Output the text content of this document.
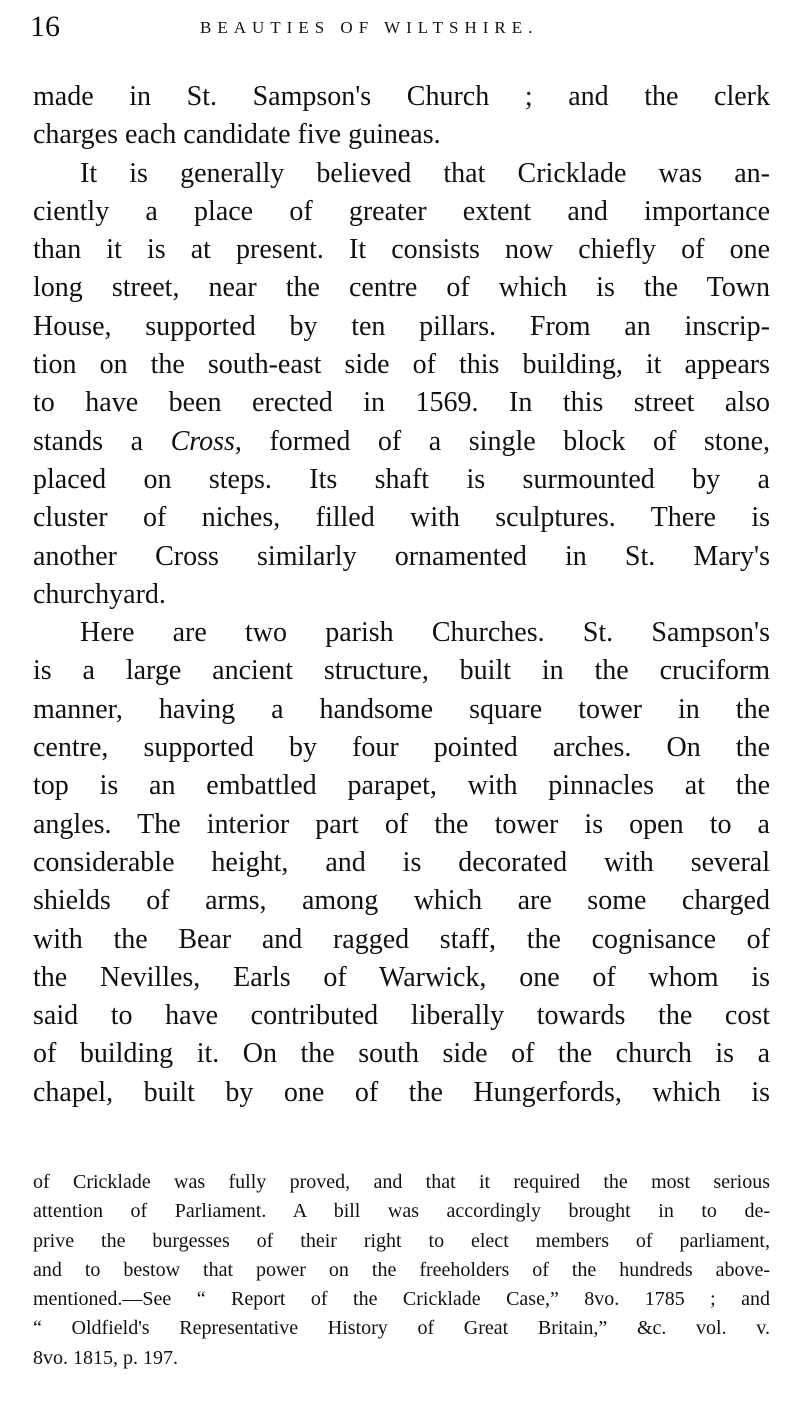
16	BEAUTIES OF WILTSHIRE.
made in St. Sampson's Church ; and the clerk
charges each candidate five guineas.
It is generally believed that Cricklade was an-
ciently a place of greater extent and importance
than it is at present. It consists now chiefly of one
long street, near the centre of which is the Town
House, supported by ten pillars. From an inscrip-
tion on the south-east side of this building, it appears
to have been erected in 1569. In this street also
stands a Cross, formed of a single block of stone,
placed on steps. Its shaft is surmounted by a
cluster of niches, filled with sculptures. There is
another Cross similarly ornamented in St. Mary's
churchyard.
Here are two parish Churches. St. Sampson's
is a large ancient structure, built in the cruciform
manner, having a handsome square tower in the
centre, supported by four pointed arches. On the
top is an embattled parapet, with pinnacles at the
angles. The interior part of the tower is open to a
considerable height, and is decorated with several
shields of arms, among which are some charged
with the Bear and ragged staff, the cognisance of
the Nevilles, Earls of Warwick, one of whom is
said to have contributed liberally towards the cost
of building it. On the south side of the church is a
chapel, built by one of the Hungerfords, which is
of Cricklade was fully proved, and that it required the most serious
attention of Parliament. A bill was accordingly brought in to de-
prive the burgesses of their right to elect members of parliament,
and to bestow that power on the freeholders of the hundreds above-
mentioned.—See “ Report of the Cricklade Case,” 8vo. 1785 ; and
“ Oldfield's Representative History of Great Britain,” &c. vol. v.
8vo. 1815, p. 197.
